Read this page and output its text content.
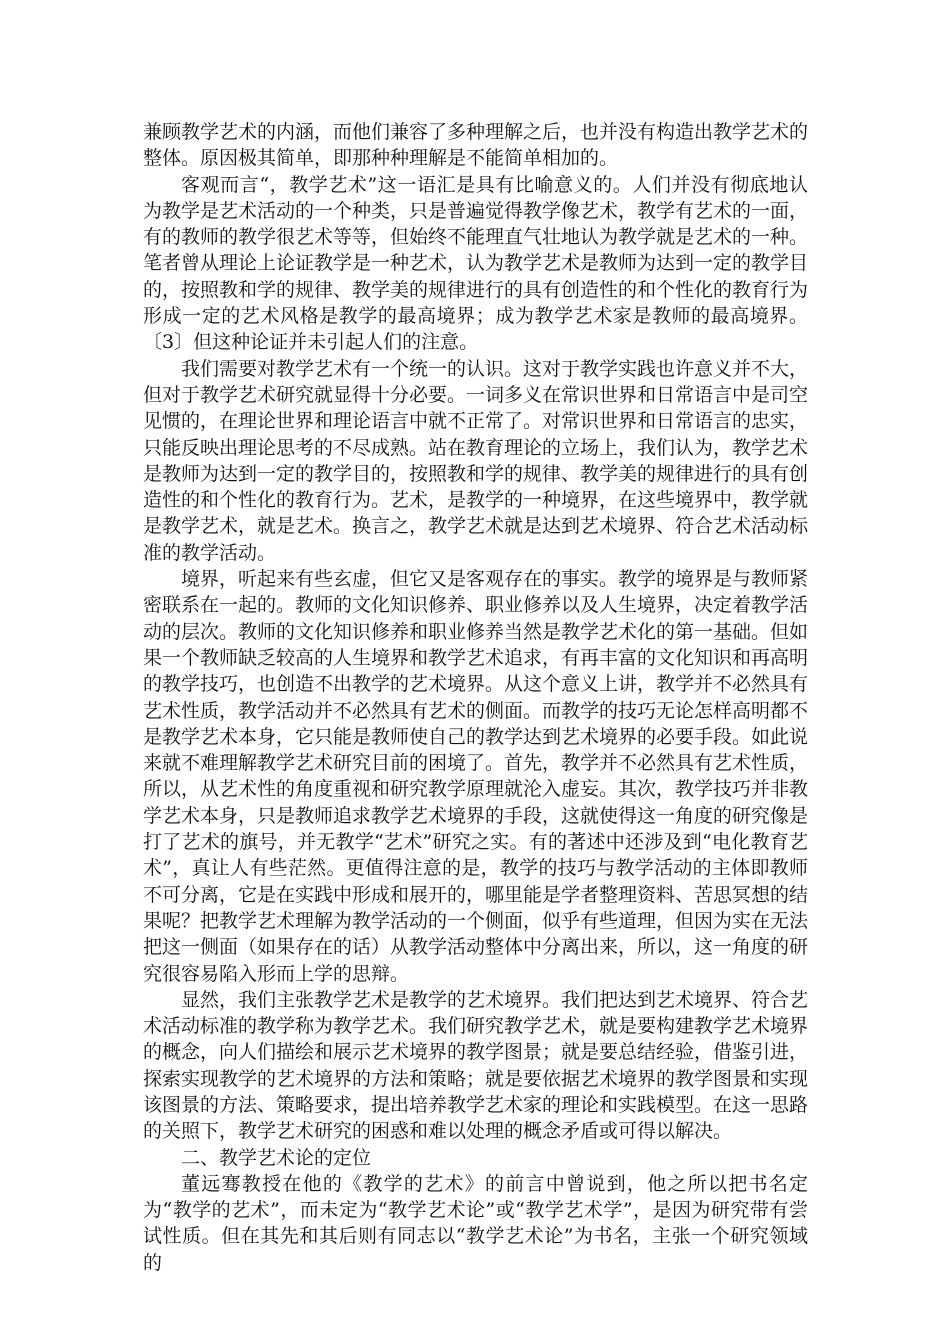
兼顾教学艺术的内涵，而他们兼容了多种理解之后，也并没有构造出教学艺术的整体。原因极其简单，即那种种理解是不能简单相加的。

客观而言“，教学艺术”这一语汇是具有比喻意义的。人们并没有彻底地认为教学是艺术活动的一个种类，只是普遍觉得教学像艺术，教学有艺术的一面，有的教师的教学很艺术等等，但始终不能理直气壮地认为教学就是艺术的一种。笔者曾从理论上论证教学是一种艺术，认为教学艺术是教师为达到一定的教学目的，按照教和学的规律、教学美的规律进行的具有创造性的和个性化的教育行为形成一定的艺术风格是教学的最高境界；成为教学艺术家是教师的最高境界。〔3〕但这种论证并未引起人们的注意。

我们需要对教学艺术有一个统一的认识。这对于教学实践也许意义并不大，但对于教学艺术研究就显得十分必要。一词多义在常识世界和日常语言中是司空见惯的，在理论世界和理论语言中就不正常了。对常识世界和日常语言的忠实，只能反映出理论思考的不尽成熟。站在教育理论的立场上，我们认为，教学艺术是教师为达到一定的教学目的，按照教和学的规律、教学美的规律进行的具有创造性的和个性化的教育行为。艺术，是教学的一种境界，在这些境界中，教学就是教学艺术，就是艺术。换言之，教学艺术就是达到艺术境界、符合艺术活动标准的教学活动。

境界，听起来有些玄虚，但它又是客观存在的事实。教学的境界是与教师紧密联系在一起的。教师的文化知识修养、职业修养以及人生境界，决定着教学活动的层次。教师的文化知识修养和职业修养当然是教学艺术化的第一基础。但如果一个教师缺乏较高的人生境界和教学艺术追求，有再丰富的文化知识和再高明的教学技巧，也创造不出教学的艺术境界。从这个意义上讲，教学并不必然具有艺术性质，教学活动并不必然具有艺术的侧面。而教学的技巧无论怎样高明都不是教学艺术本身，它只能是教师使自己的教学达到艺术境界的必要手段。如此说来就不难理解教学艺术研究目前的困境了。首先，教学并不必然具有艺术性质，所以，从艺术性的角度重视和研究教学原理就沦入虚妄。其次，教学技巧并非教学艺术本身，只是教师追求教学艺术境界的手段，这就使得这一角度的研究像是打了艺术的旗号，并无教学“艺术”研究之实。有的著述中还涉及到“电化教育艺术”，真让人有些茫然。更值得注意的是，教学的技巧与教学活动的主体即教师不可分离，它是在实践中形成和展开的，哪里能是学者整理资料、苦思冥想的结果呢？把教学艺术理解为教学活动的一个侧面，似乎有些道理，但因为实在无法把这一侧面（如果存在的话）从教学活动整体中分离出来，所以，这一角度的研究很容易陷入形而上学的思辩。

显然，我们主张教学艺术是教学的艺术境界。我们把达到艺术境界、符合艺术活动标准的教学称为教学艺术。我们研究教学艺术，就是要构建教学艺术境界的概念，向人们描绘和展示艺术境界的教学图景；就是要总结经验，借鉴引进，探索实现教学的艺术境界的方法和策略；就是要依据艺术境界的教学图景和实现该图景的方法、策略要求，提出培养教学艺术家的理论和实践模型。在这一思路的关照下，教学艺术研究的困惑和难以处理的概念矛盾或可得以解决。

二、教学艺术论的定位

董远骞教授在他的《教学的艺术》的前言中曾说到，他之所以把书名定为“教学的艺术”，而未定为“教学艺术论”或“教学艺术学”，是因为研究带有尝试性质。但在其先和其后则有同志以“教学艺术论”为书名，主张一个研究领域的
